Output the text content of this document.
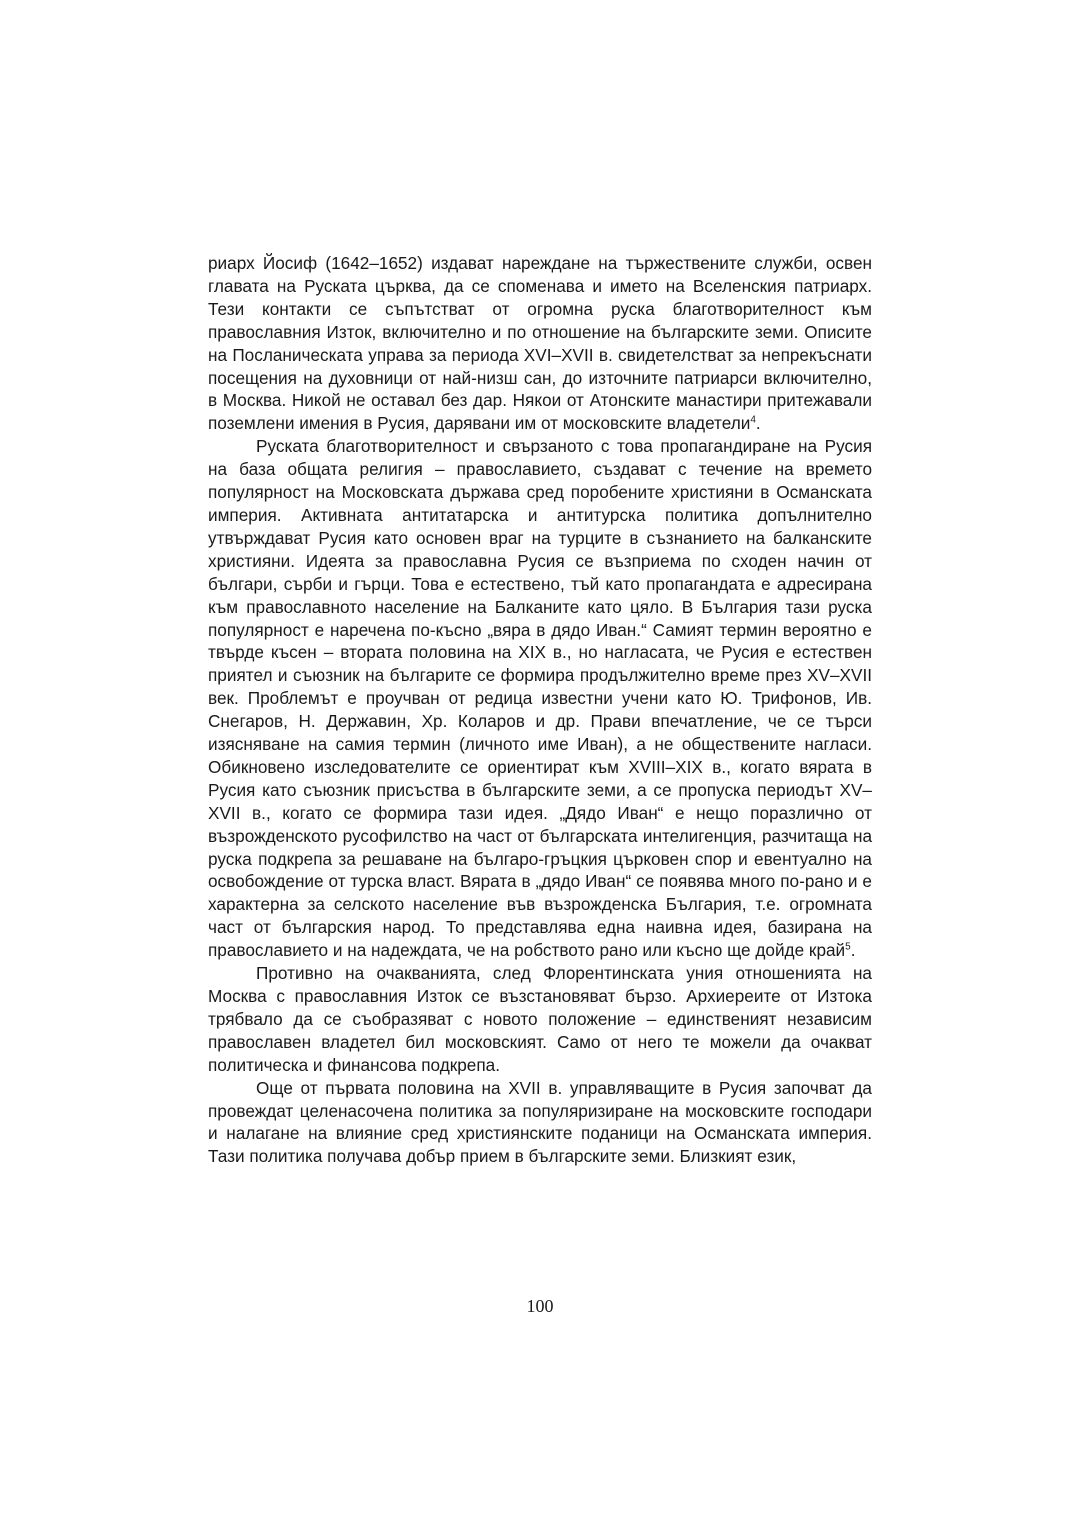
риарх Йосиф (1642–1652) издават нареждане на тържествените служби, освен главата на Руската църква, да се споменава и името на Вселенския патриарх. Тези контакти се съпътстват от огромна руска благотворителност към православния Изток, включително и по отношение на българските земи. Описите на Посланическата управа за периода XVI–XVII в. свидетелстват за непрекъснати посещения на духовници от най-низш сан, до източните патриарси включително, в Москва. Никой не оставал без дар. Някои от Атонските манастири притежавали поземлени имения в Русия, дарявани им от московските владетели$^4$.

Руската благотворителност и свързаното с това пропагандиране на Русия на база общата религия – православието, създават с течение на времето популярност на Московската държава сред поробените християни в Османската империя. Активната антитатарска и антитурска политика допълнително утвърждават Русия като основен враг на турците в съзнанието на балканските християни. Идеята за православна Русия се възприема по сходен начин от българи, сърби и гърци. Това е естествено, тъй като пропагандата е адресирана към православното население на Балканите като цяло. В България тази руска популярност е наречена по-късно „вяра в дядо Иван.“ Самият термин вероятно е твърде късен – втората половина на XIX в., но нагласата, че Русия е естествен приятел и съюзник на българите се формира продължително време през XV–XVII век. Проблемът е проучван от редица известни учени като Ю. Трифонов, Ив. Снегаров, Н. Державин, Хр. Коларов и др. Прави впечатление, че се търси изясняване на самия термин (личното име Иван), а не обществените нагласи. Обикновено изследователите се ориентират към XVIII–XIX в., когато вярата в Русия като съюзник присъства в българските земи, а се пропуска периодът XV–XVII в., когато се формира тази идея. „Дядо Иван“ е нещо поразлично от възрожденското русофилство на част от българската интелигенция, разчитаща на руска подкрепа за решаване на българо-гръцкия църковен спор и евентуално на освобождение от турска власт. Вярата в „дядо Иван“ се появява много по-рано и е характерна за селското население във възрожденска България, т.е. огромната част от българския народ. То представлява една наивна идея, базирана на православието и на надеждата, че на робството рано или късно ще дойде край$^5$.

Противно на очакванията, след Флорентинската уния отношенията на Москва с православния Изток се възстановяват бързо. Архиереите от Изтока трябвало да се съобразяват с новото положение – единственият независим православен владетел бил московският. Само от него те можели да очакват политическа и финансова подкрепа.

Още от първата половина на XVII в. управляващите в Русия започват да провеждат целенасочена политика за популяризиране на московските господари и налагане на влияние сред християнските поданици на Османската империя. Тази политика получава добър прием в българските земи. Близкият език,

100
